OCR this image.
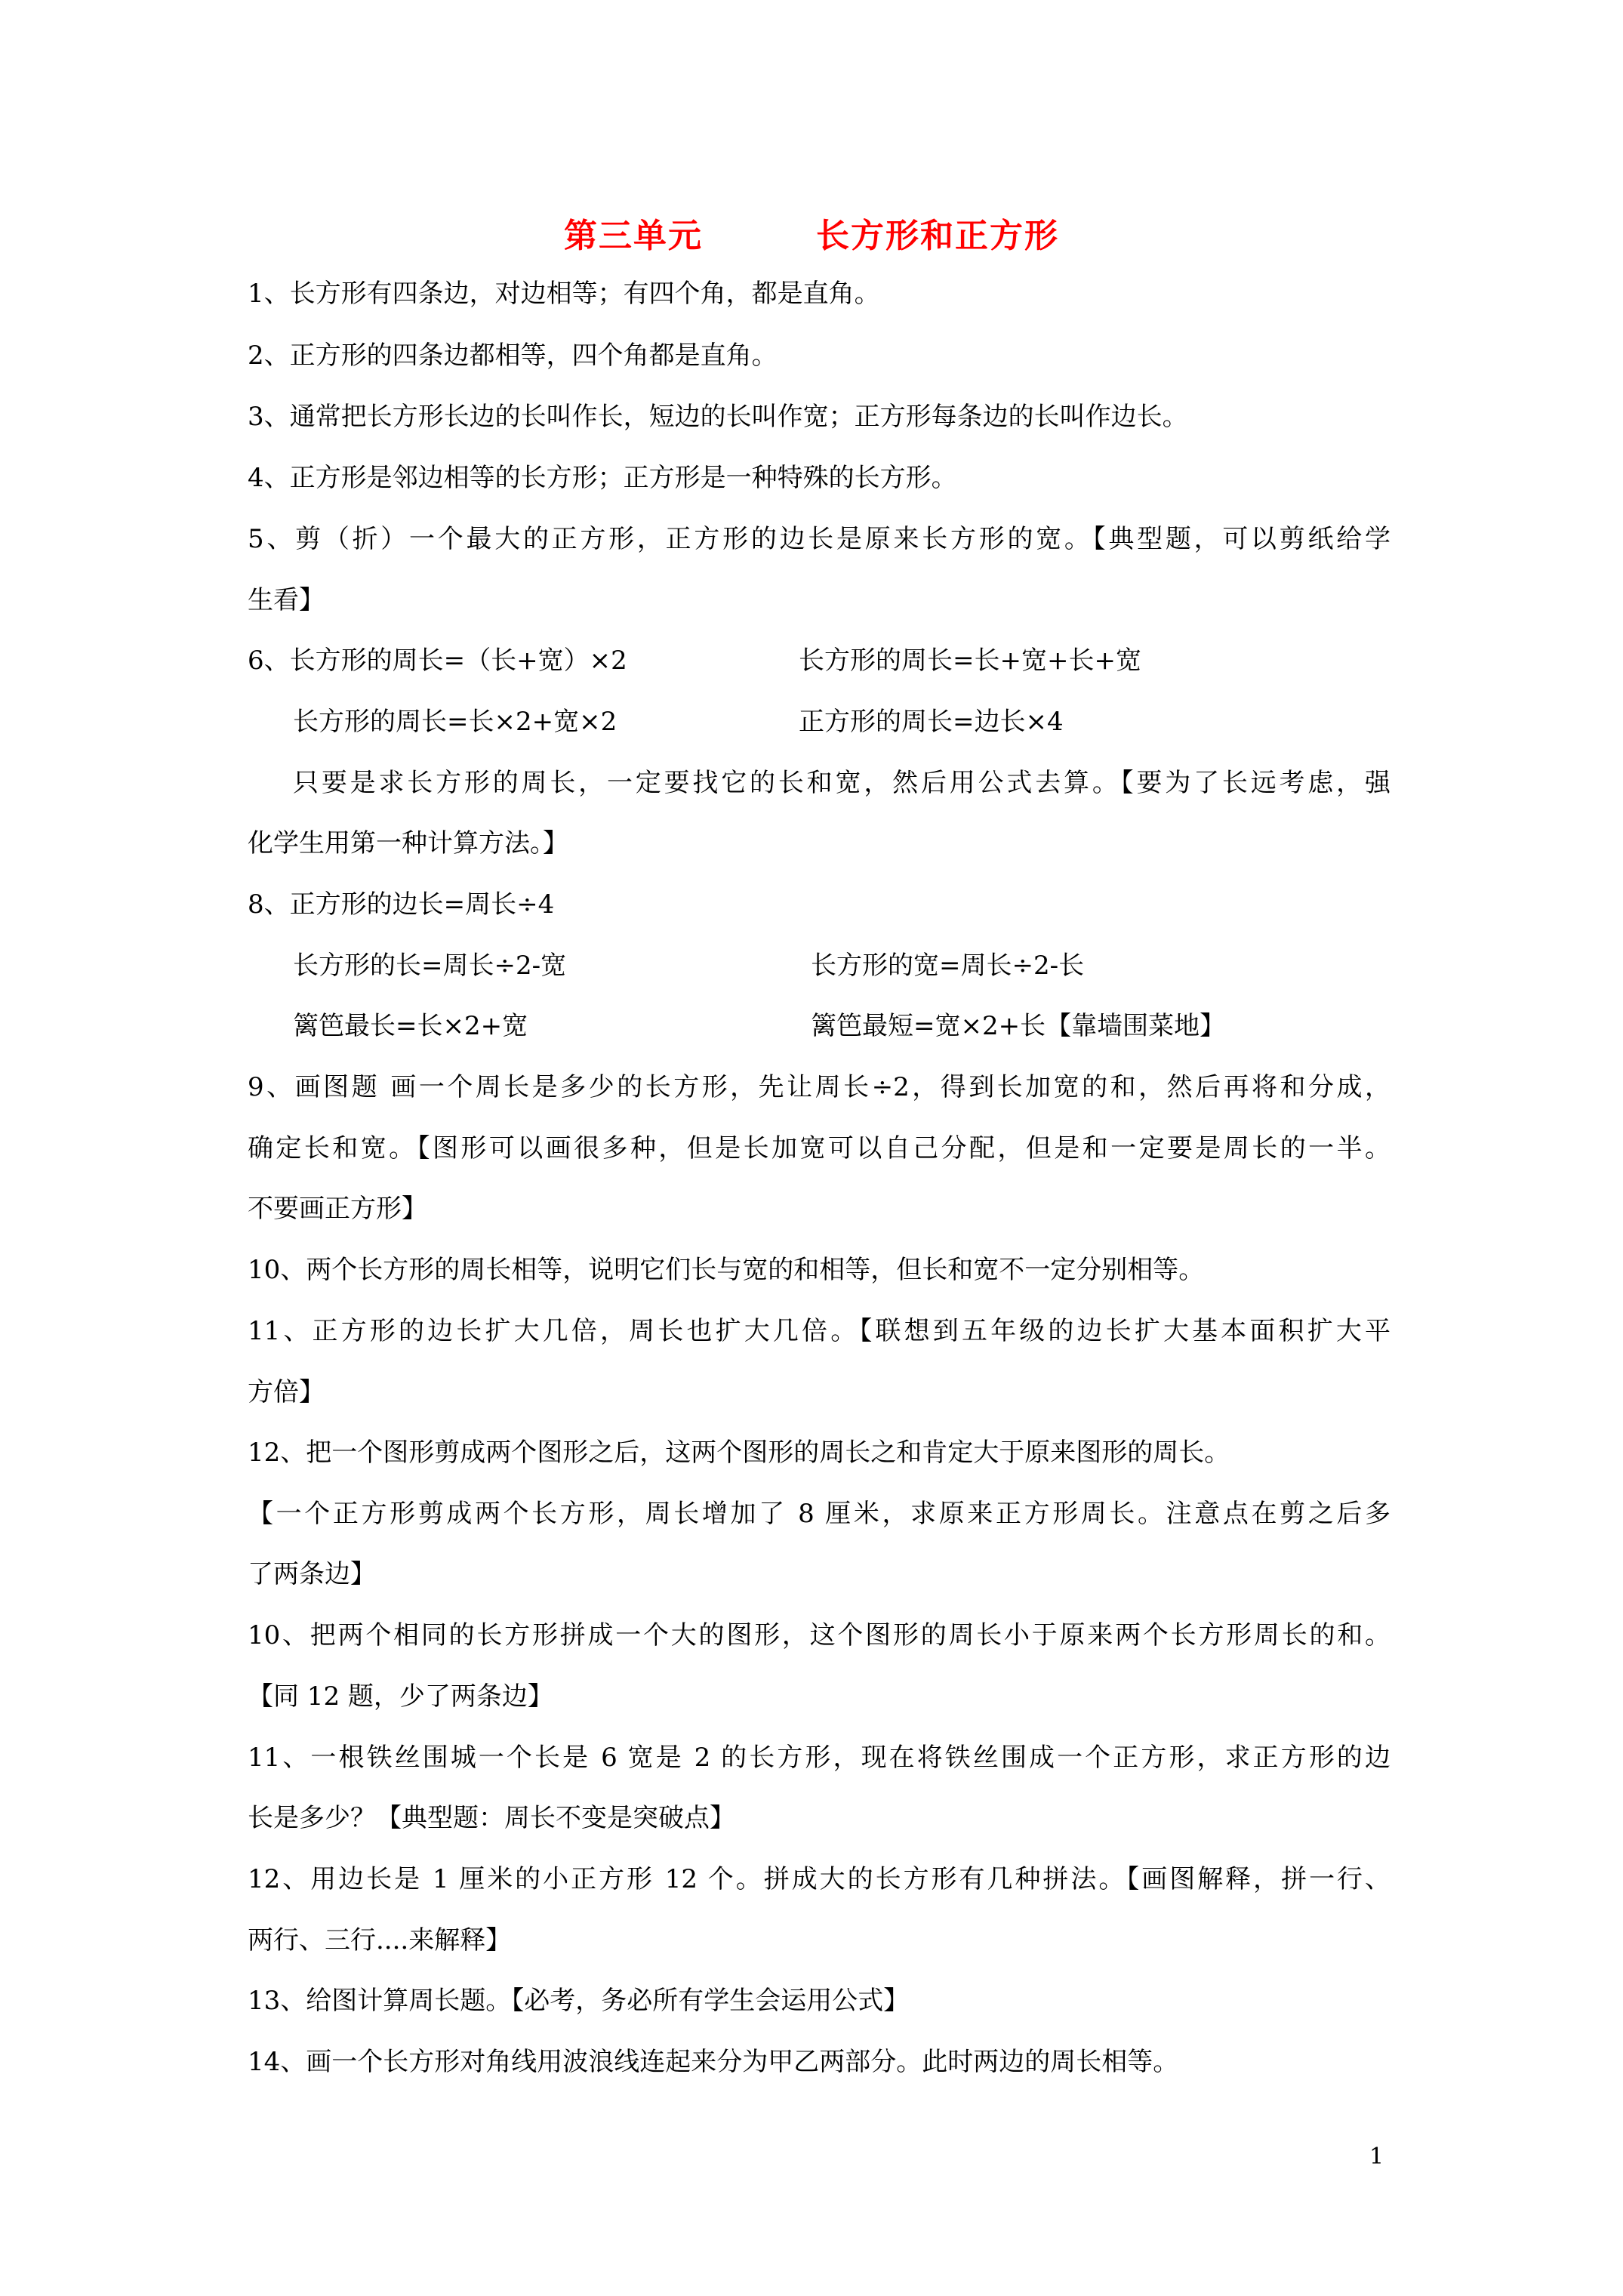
第三单元	长方形和正方形
1、长方形有四条边，对边相等；有四个角，都是直角。
2、正方形的四条边都相等，四个角都是直角。
3、通常把长方形长边的长叫作长，短边的长叫作宽；正方形每条边的长叫作边长。
4、正方形是邻边相等的长方形；正方形是一种特殊的长方形。
5、剪（折）一个最大的正方形，正方形的边长是原来长方形的宽。【典型题，可以剪纸给学
生看】
6、长方形的周长=（长+宽）×2	长方形的周长=长+宽+长+宽
长方形的周长=长×2+宽×2	正方形的周长=边长×4
只要是求长方形的周长，一定要找它的长和宽，然后用公式去算。【要为了长远考虑，强
化学生用第一种计算方法。】
8、正方形的边长=周长÷4
长方形的长=周长÷2-宽	长方形的宽=周长÷2-长
篱笆最长=长×2+宽	篱笆最短=宽×2+长【靠墙围菜地】
9、画图题 画一个周长是多少的长方形，先让周长÷2，得到长加宽的和，然后再将和分成，
确定长和宽。【图形可以画很多种，但是长加宽可以自己分配，但是和一定要是周长的一半。
不要画正方形】
10、两个长方形的周长相等，说明它们长与宽的和相等，但长和宽不一定分别相等。
11、正方形的边长扩大几倍，周长也扩大几倍。【联想到五年级的边长扩大基本面积扩大平
方倍】
12、把一个图形剪成两个图形之后，这两个图形的周长之和肯定大于原来图形的周长。
【一个正方形剪成两个长方形，周长增加了 8 厘米，求原来正方形周长。注意点在剪之后多
了两条边】
10、把两个相同的长方形拼成一个大的图形，这个图形的周长小于原来两个长方形周长的和。
【同 12 题，少了两条边】
11、一根铁丝围城一个长是 6 宽是 2 的长方形，现在将铁丝围成一个正方形，求正方形的边
长是多少？【典型题：周长不变是突破点】
12、用边长是 1 厘米的小正方形 12 个。拼成大的长方形有几种拼法。【画图解释，拼一行、
两行、三行....来解释】
13、给图计算周长题。【必考，务必所有学生会运用公式】
14、画一个长方形对角线用波浪线连起来分为甲乙两部分。此时两边的周长相等。
1
